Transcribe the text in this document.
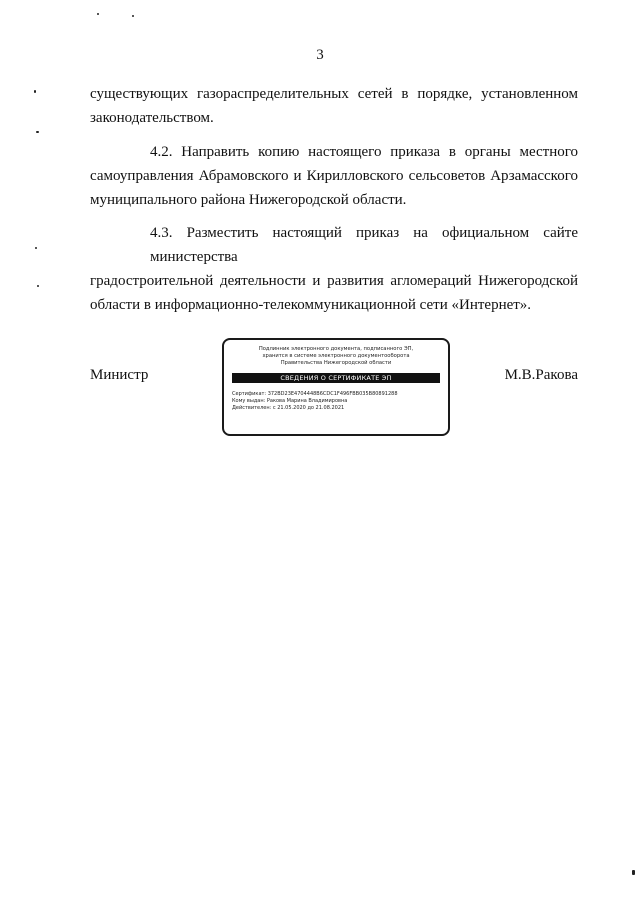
3
существующих газораспределительных сетей в порядке, установленном
законодательством.
4.2. Направить копию настоящего приказа в органы местного
самоуправления Абрамовского и Кирилловского сельсоветов Арзамасского
муниципального района Нижегородской области.
4.3. Разместить настоящий приказ на официальном сайте министерства
градостроительной деятельности и развития агломераций Нижегородской
области в информационно-телекоммуникационной сети «Интернет».
Министр	М.В.Ракова
Подлинник электронного документа, подписанного ЭП,
хранится в системе электронного документооборота
Правительства Нижегородской области
СВЕДЕНИЯ О СЕРТИФИКАТЕ ЭП
Сертификат: 372BD23E4704448B6CDC1F496FBB035B80891288
Кому выдан: Ракова Марина Владимировна
Действителен: с 21.05.2020 до 21.08.2021
